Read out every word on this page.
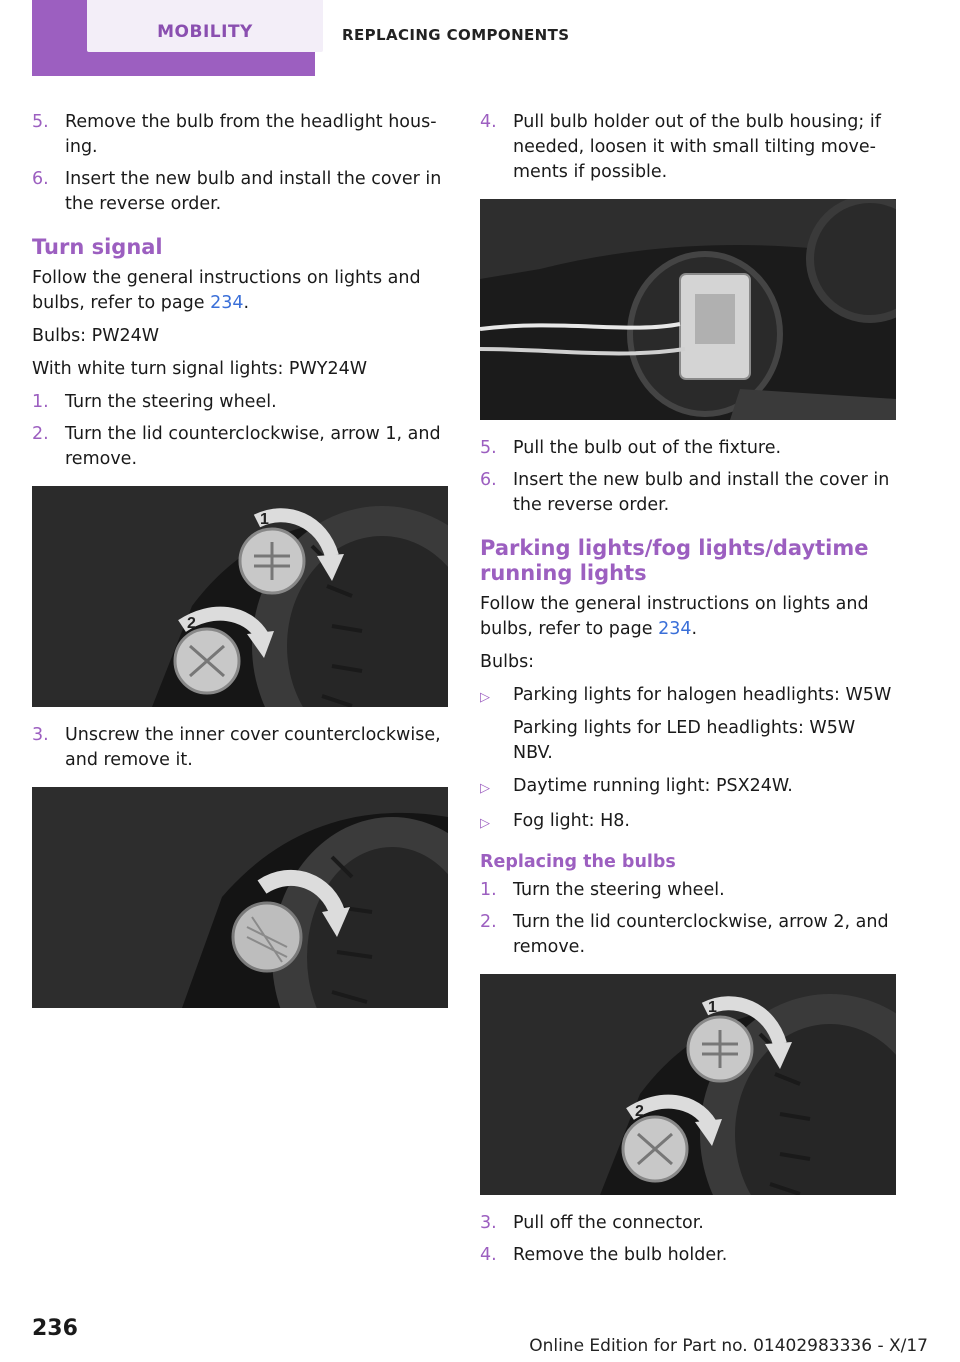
MOBILITY	REPLACING COMPONENTS
5. Remove the bulb from the headlight hous‐ing.
6. Insert the new bulb and install the cover in the reverse order.
Turn signal

Follow the general instructions on lights and bulbs, refer to page 234.

Bulbs: PW24W

With white turn signal lights: PWY24W

1. Turn the steering wheel.
2. Turn the lid counterclockwise, arrow 1, and remove.
1
2
3. Unscrew the inner cover counterclockwise, and remove it.
4. Pull bulb holder out of the bulb housing; if needed, loosen it with small tilting move‐ments if possible.
5. Pull the bulb out of the fixture.
6. Insert the new bulb and install the cover in the reverse order.
Parking lights/fog lights/daytime running lights

Follow the general instructions on lights and bulbs, refer to page 234.

Bulbs:

▷	Parking lights for halogen headlights: W5W
Parking lights for LED headlights: W5W NBV.
▷	Daytime running light: PSX24W.
▷	Fog light: H8.
Replacing the bulbs
1. Turn the steering wheel.
2. Turn the lid counterclockwise, arrow 2, and remove.
1
2
3. Pull off the connector.
4. Remove the bulb holder.
236
Online Edition for Part no. 01402983336 - X/17
